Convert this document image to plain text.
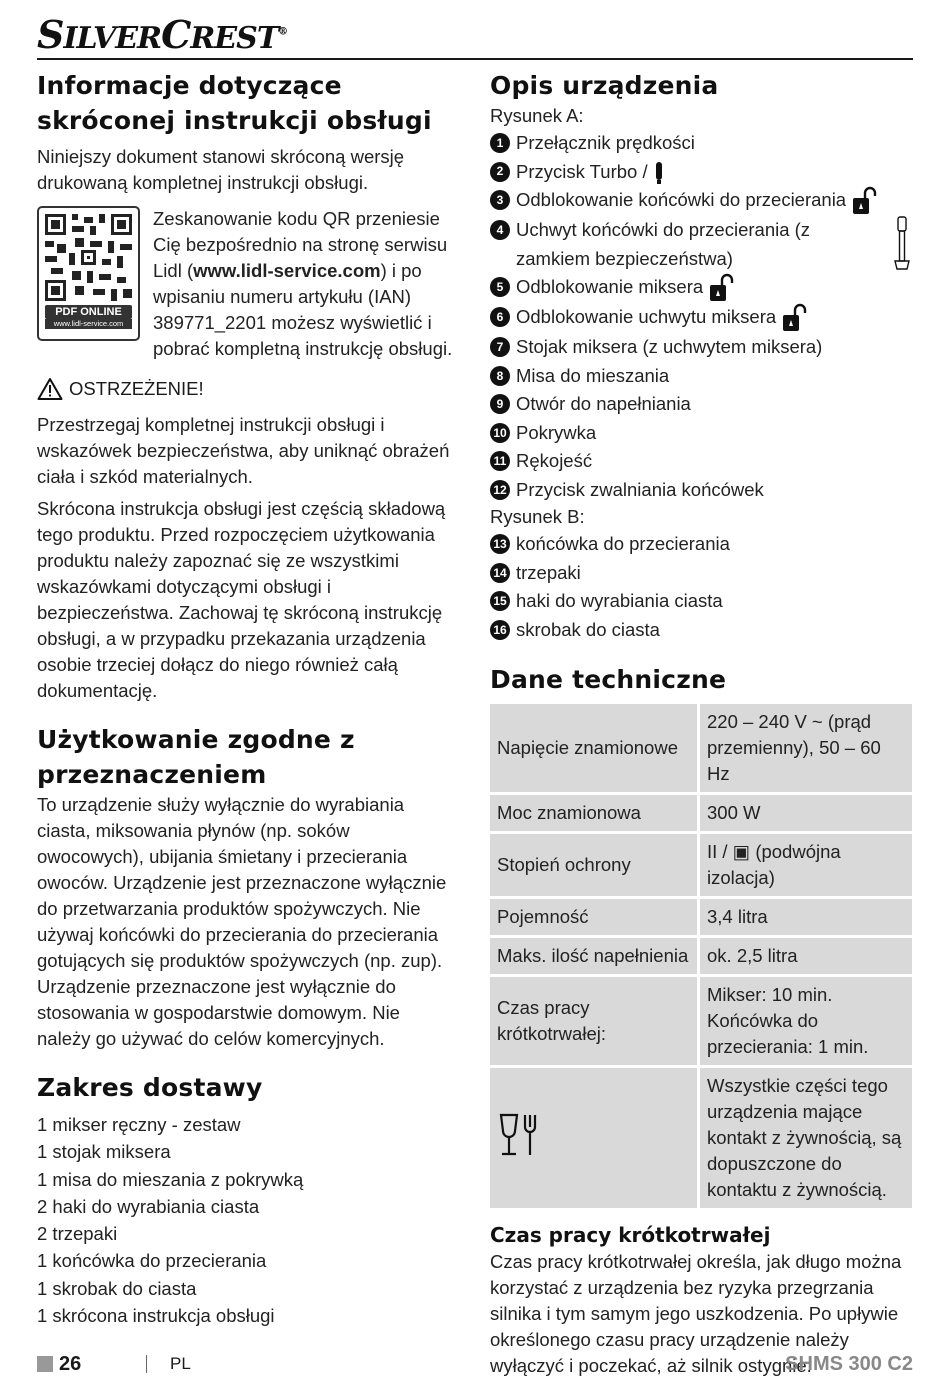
SILVERCREST®
Informacje dotyczące skróconej instrukcji obsługi

Niniejszy dokument stanowi skróconą wersję drukowaną kompletnej instrukcji obsługi.

PDF ONLINE
www.lidl-service.com
Zeskanowanie kodu QR przeniesie Cię bezpośrednio na stronę serwisu Lidl (www.lidl-service.com) i po wpisaniu numeru artykułu (IAN) 389771_2201 możesz wyświetlić i pobrać kompletną instrukcję obsługi.
OSTRZEŻENIE!

Przestrzegaj kompletnej instrukcji obsługi i wskazówek bezpieczeństwa, aby uniknąć obrażeń ciała i szkód materialnych.

Skrócona instrukcja obsługi jest częścią składową tego produktu. Przed rozpoczęciem użytkowania produktu należy zapoznać się ze wszystkimi wskazówkami dotyczącymi obsługi i bezpieczeństwa. Zachowaj tę skróconą instrukcję obsługi, a w przypadku przekazania urządzenia osobie trzeciej dołącz do niego również całą dokumentację.

Użytkowanie zgodne z przeznaczeniem

To urządzenie służy wyłącznie do wyrabiania ciasta, miksowania płynów (np. soków owocowych), ubijania śmietany i przecierania owoców. Urządzenie jest przeznaczone wyłącznie do przetwarzania produktów spożywczych. Nie używaj końcówki do przecierania do przecierania gotujących się produktów spożywczych (np. zup). Urządzenie przeznaczone jest wyłącznie do stosowania w gospodarstwie domowym. Nie należy go używać do celów komercyjnych.

Zakres dostawy
1 mikser ręczny - zestaw
1 stojak miksera
1 misa do mieszania z pokrywką
2 haki do wyrabiania ciasta
2 trzepaki
1 końcówka do przecierania
1 skrobak do ciasta
1 skrócona instrukcja obsługi
Opis urządzenia
Rysunek A:
1 Przełącznik prędkości
2 Przycisk Turbo /
3 Odblokowanie końcówki do przecierania
4 Uchwyt końcówki do przecierania (z zamkiem bezpieczeństwa)
5 Odblokowanie miksera
6 Odblokowanie uchwytu miksera
7 Stojak miksera (z uchwytem miksera)
8 Misa do mieszania
9 Otwór do napełniania
10 Pokrywka
11 Rękojeść
12 Przycisk zwalniania końcówek
Rysunek B:
13 końcówka do przecierania
14 trzepaki
15 haki do wyrabiania ciasta
16 skrobak do ciasta
Dane techniczne
Napięcie znamionowe	220 – 240 V ~ (prąd przemienny), 50 – 60 Hz
Moc znamionowa	300 W
Stopień ochrony	II / ▣ (podwójna izolacja)
Pojemność	3,4 litra
Maks. ilość napełnienia	ok. 2,5 litra
Czas pracy krótkotrwałej:	Mikser: 10 min. Końcówka do przecierania: 1 min.
	Wszystkie części tego urządzenia mające kontakt z żywnością, są dopuszczone do kontaktu z żywnością.
Czas pracy krótkotrwałej

Czas pracy krótkotrwałej określa, jak długo można korzystać z urządzenia bez ryzyka przegrzania silnika i tym samym jego uszkodzenia. Po upływie określonego czasu pracy urządzenie należy wyłączyć i poczekać, aż silnik ostygnie.

26	PL	SHMS 300 C2
